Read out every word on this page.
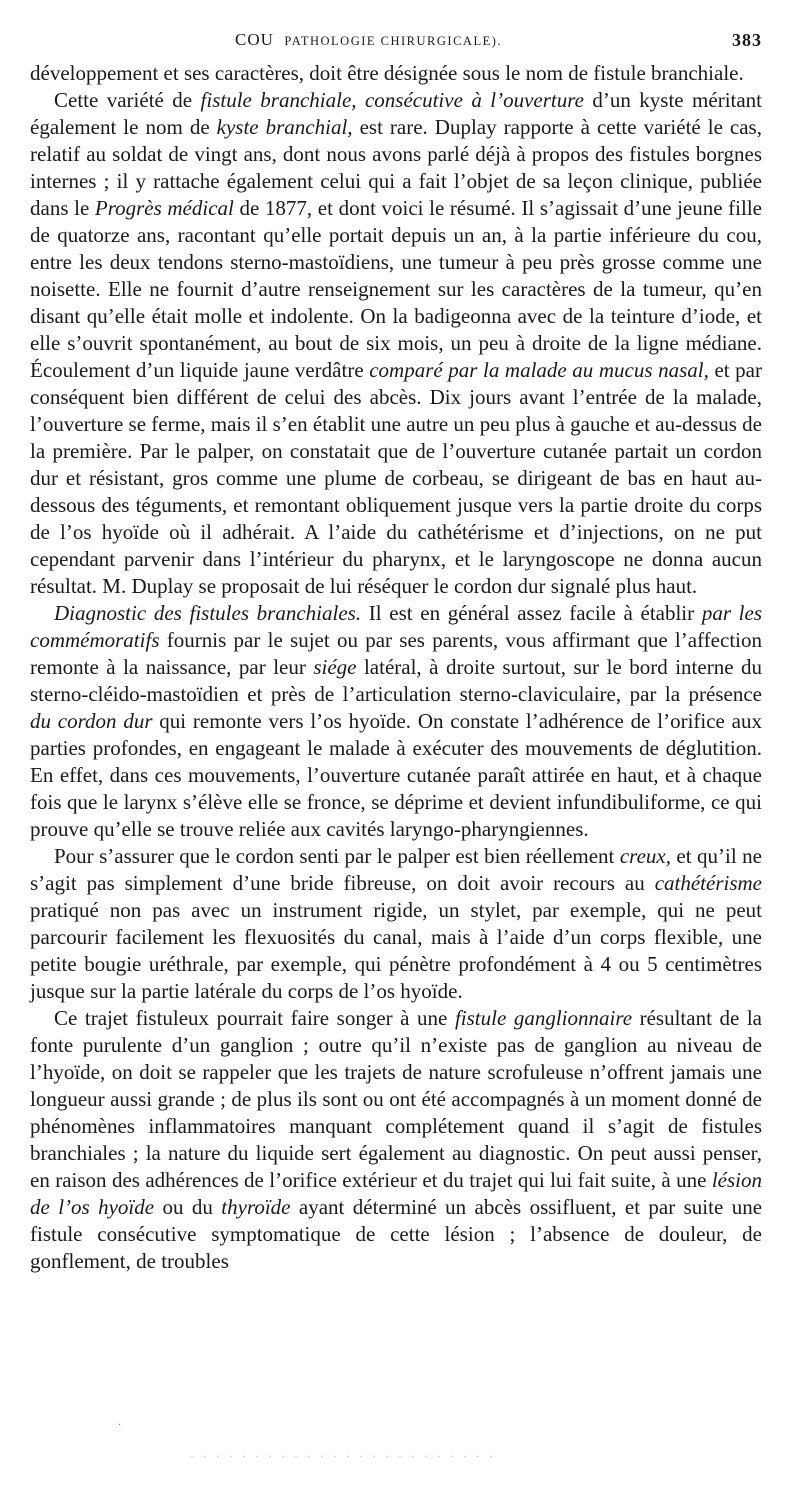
COU PATHOLOGIE CHIRURGICALE).	383

développement et ses caractères, doit être désignée sous le nom de fistule branchiale.

Cette variété de fistule branchiale, consécutive à l’ouverture d’un kyste méritant également le nom de kyste branchial, est rare. Duplay rapporte à cette variété le cas, relatif au soldat de vingt ans, dont nous avons parlé déjà à propos des fistules borgnes internes ; il y rattache également celui qui a fait l’objet de sa leçon clinique, publiée dans le Progrès médical de 1877, et dont voici le résumé. Il s’agissait d’une jeune fille de quatorze ans, racontant qu’elle portait depuis un an, à la partie inférieure du cou, entre les deux tendons sterno-mastoïdiens, une tumeur à peu près grosse comme une noisette. Elle ne fournit d’autre renseignement sur les caractères de la tumeur, qu’en disant qu’elle était molle et indolente. On la badigeonna avec de la teinture d’iode, et elle s’ouvrit spontanément, au bout de six mois, un peu à droite de la ligne médiane. Écoulement d’un liquide jaune verdâtre comparé par la malade au mucus nasal, et par conséquent bien différent de celui des abcès. Dix jours avant l’entrée de la malade, l’ouverture se ferme, mais il s’en établit une autre un peu plus à gauche et au-dessus de la première. Par le palper, on constatait que de l’ouverture cutanée partait un cordon dur et résistant, gros comme une plume de corbeau, se dirigeant de bas en haut au-dessous des téguments, et remontant obliquement jusque vers la partie droite du corps de l’os hyoïde où il adhérait. A l’aide du cathétérisme et d’injections, on ne put cependant parvenir dans l’intérieur du pharynx, et le laryngoscope ne donna aucun résultat. M. Duplay se proposait de lui réséquer le cordon dur signalé plus haut.

Diagnostic des fistules branchiales. Il est en général assez facile à établir par les commémoratifs fournis par le sujet ou par ses parents, vous affirmant que l’affection remonte à la naissance, par leur siége latéral, à droite surtout, sur le bord interne du sterno-cléido-mastoïdien et près de l’articulation sterno-claviculaire, par la présence du cordon dur qui remonte vers l’os hyoïde. On constate l’adhérence de l’orifice aux parties profondes, en engageant le malade à exécuter des mouvements de déglutition. En effet, dans ces mouvements, l’ouverture cutanée paraît attirée en haut, et à chaque fois que le larynx s’élève elle se fronce, se déprime et devient infundibuliforme, ce qui prouve qu’elle se trouve reliée aux cavités laryngo-pharyngiennes.

Pour s’assurer que le cordon senti par le palper est bien réellement creux, et qu’il ne s’agit pas simplement d’une bride fibreuse, on doit avoir recours au cathétérisme pratiqué non pas avec un instrument rigide, un stylet, par exemple, qui ne peut parcourir facilement les flexuosités du canal, mais à l’aide d’un corps flexible, une petite bougie uréthrale, par exemple, qui pénètre profondément à 4 ou 5 centimètres jusque sur la partie latérale du corps de l’os hyoïde.

Ce trajet fistuleux pourrait faire songer à une fistule ganglionnaire résultant de la fonte purulente d’un ganglion ; outre qu’il n’existe pas de ganglion au niveau de l’hyoïde, on doit se rappeler que les trajets de nature scrofuleuse n’offrent jamais une longueur aussi grande ; de plus ils sont ou ont été accompagnés à un moment donné de phénomènes inflammatoires manquant complétement quand il s’agit de fistules branchiales ; la nature du liquide sert également au diagnostic. On peut aussi penser, en raison des adhérences de l’orifice extérieur et du trajet qui lui fait suite, à une lésion de l’os hyoïde ou du thyroïde ayant déterminé un abcès ossifluent, et par suite une fistule consécutive symptomatique de cette lésion ; l’absence de douleur, de gonflement, de troubles

·
· · · · · · · · · · · · · · · · · · · · · · · ·
